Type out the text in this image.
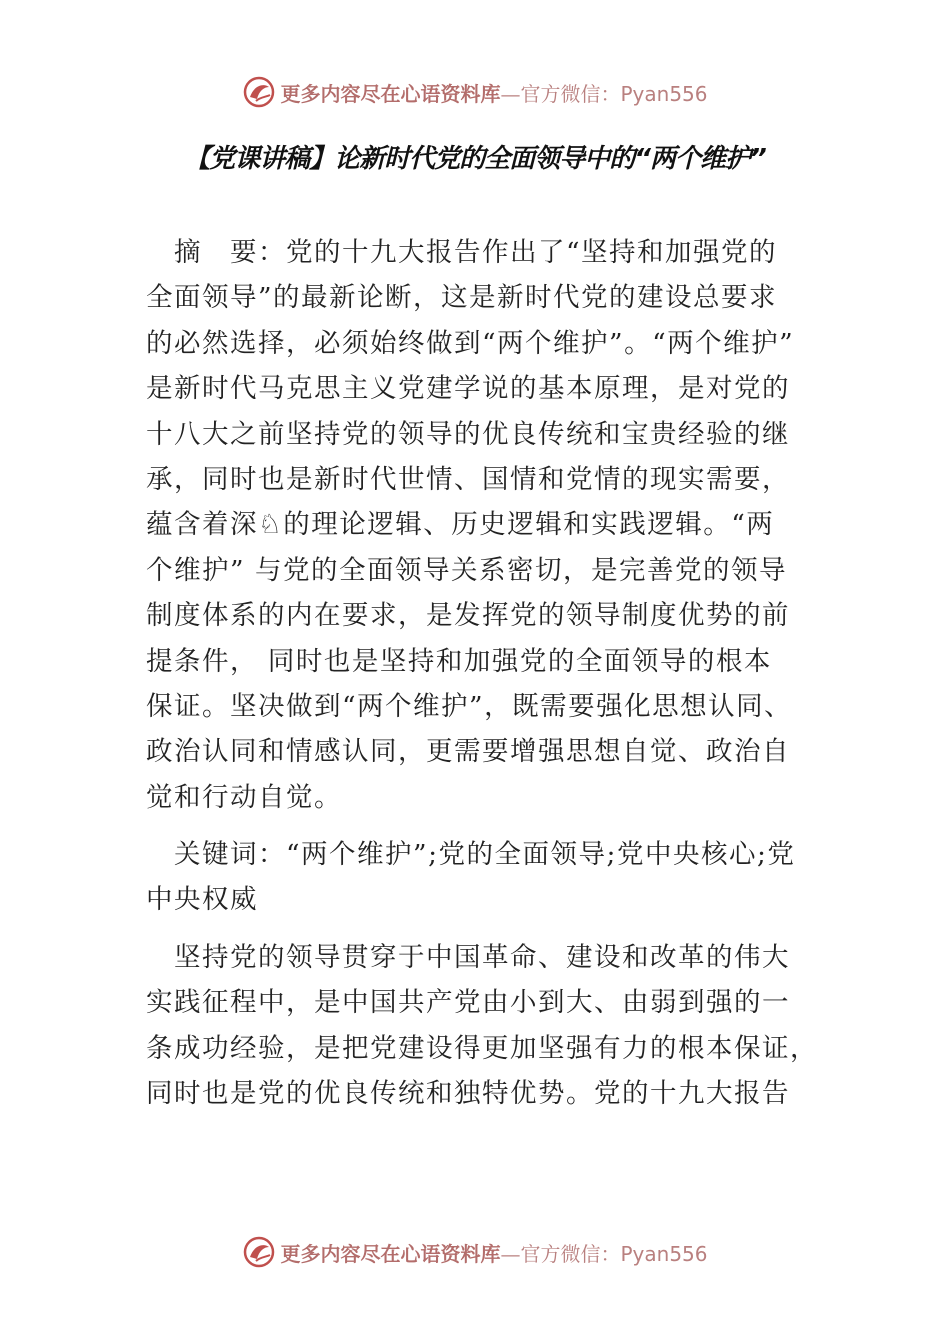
更多内容尽在心语资料库—官方微信：Pyan556
【党课讲稿】论新时代党的全面领导中的“两个维护”
　摘　要：党的十九大报告作出了“坚持和加强党的
全面领导”的最新论断，这是新时代党的建设总要求
的必然选择，必须始终做到“两个维护”。“两个维护”
是新时代马克思主义党建学说的基本原理，是对党的
十八大之前坚持党的领导的优良传统和宝贵经验的继
承，同时也是新时代世情、国情和党情的现实需要，
蕴含着深♘的理论逻辑、历史逻辑和实践逻辑。“两
个维护” 与党的全面领导关系密切，是完善党的领导
制度体系的内在要求，是发挥党的领导制度优势的前
提条件， 同时也是坚持和加强党的全面领导的根本
保证。坚决做到“两个维护”，既需要强化思想认同、
政治认同和情感认同，更需要增强思想自觉、政治自
觉和行动自觉。
　关键词：“两个维护”;党的全面领导;党中央核心;党
中央权威
　坚持党的领导贯穿于中国革命、建设和改革的伟大
实践征程中，是中国共产党由小到大、由弱到强的一
条成功经验，是把党建设得更加坚强有力的根本保证，
同时也是党的优良传统和独特优势。党的十九大报告
更多内容尽在心语资料库—官方微信：Pyan556
